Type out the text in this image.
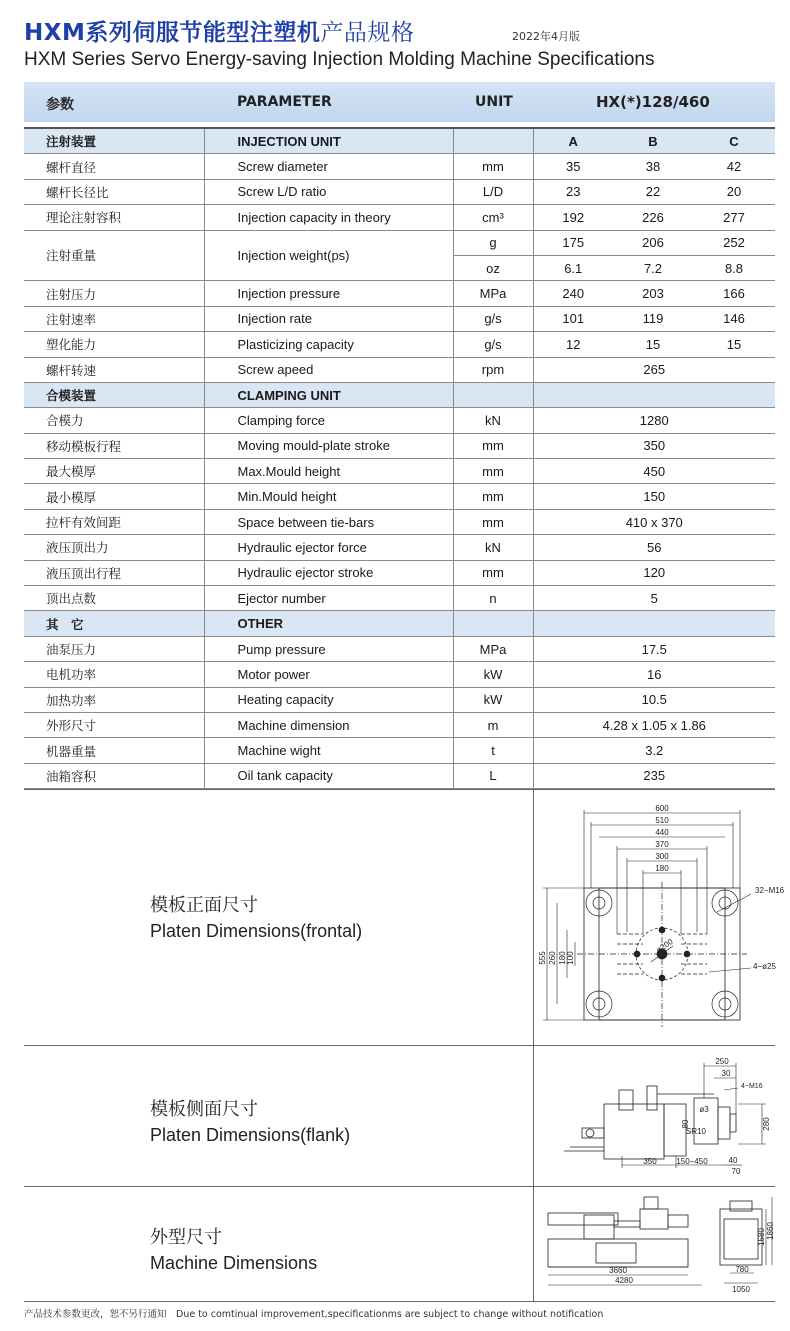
HXM系列伺服节能型注塑机产品规格	2022年4月版
HXM Series Servo Energy-saving Injection Molding Machine Specifications
参数	PARAMETER	UNIT	HX(*)128/460
注射装置	INJECTION UNIT		A	B	C
螺杆直径	Screw diameter	mm	35	38	42
螺杆长径比	Screw L/D ratio	L/D	23	22	20
理论注射容积	Injection capacity in theory	cm³	192	226	277
注射重量	Injection weight(ps)	g	175	206	252
		oz	6.1	7.2	8.8
注射压力	Injection pressure	MPa	240	203	166
注射速率	Injection rate	g/s	101	119	146
塑化能力	Plasticizing capacity	g/s	12	15	15
螺杆转速	Screw apeed	rpm	265		
合模装置	CLAMPING UNIT				
合模力	Clamping force	kN	1280		
移动模板行程	Moving mould-plate stroke	mm	350		
最大模厚	Max.Mould height	mm	450		
最小模厚	Min.Mould height	mm	150		
拉杆有效间距	Space between tie-bars	mm	410 x 370		
液压顶出力	Hydraulic ejector force	kN	56		
液压顶出行程	Hydraulic ejector stroke	mm	120		
顶出点数	Ejector number	n	5		
其　它	OTHER				
油泵压力	Pump pressure	MPa	17.5		
电机功率	Motor power	kW	16		
加热功率	Heating capacity	kW	10.5		
外形尺寸	Machine dimension	m	4.28 x 1.05 x 1.86		
机器重量	Machine wight	t	3.2		
油箱容积	Oil tank capacity	L	235		
模板正面尺寸
Platen Dimensions(frontal)
600
510
440
370
300
180
555 260 180 100
ø200
32−M16
4−ø25
模板侧面尺寸
Platen Dimensions(flank)
250
30
4−M16
ø3
80
SR10
280
350 150−450	40
70
外型尺寸
Machine Dimensions	3660
4280
1580 1860
780
1050
产品技术参数更改，恕不另行通知　Due to comtinual improvement,specificationms are subject to change without notification
